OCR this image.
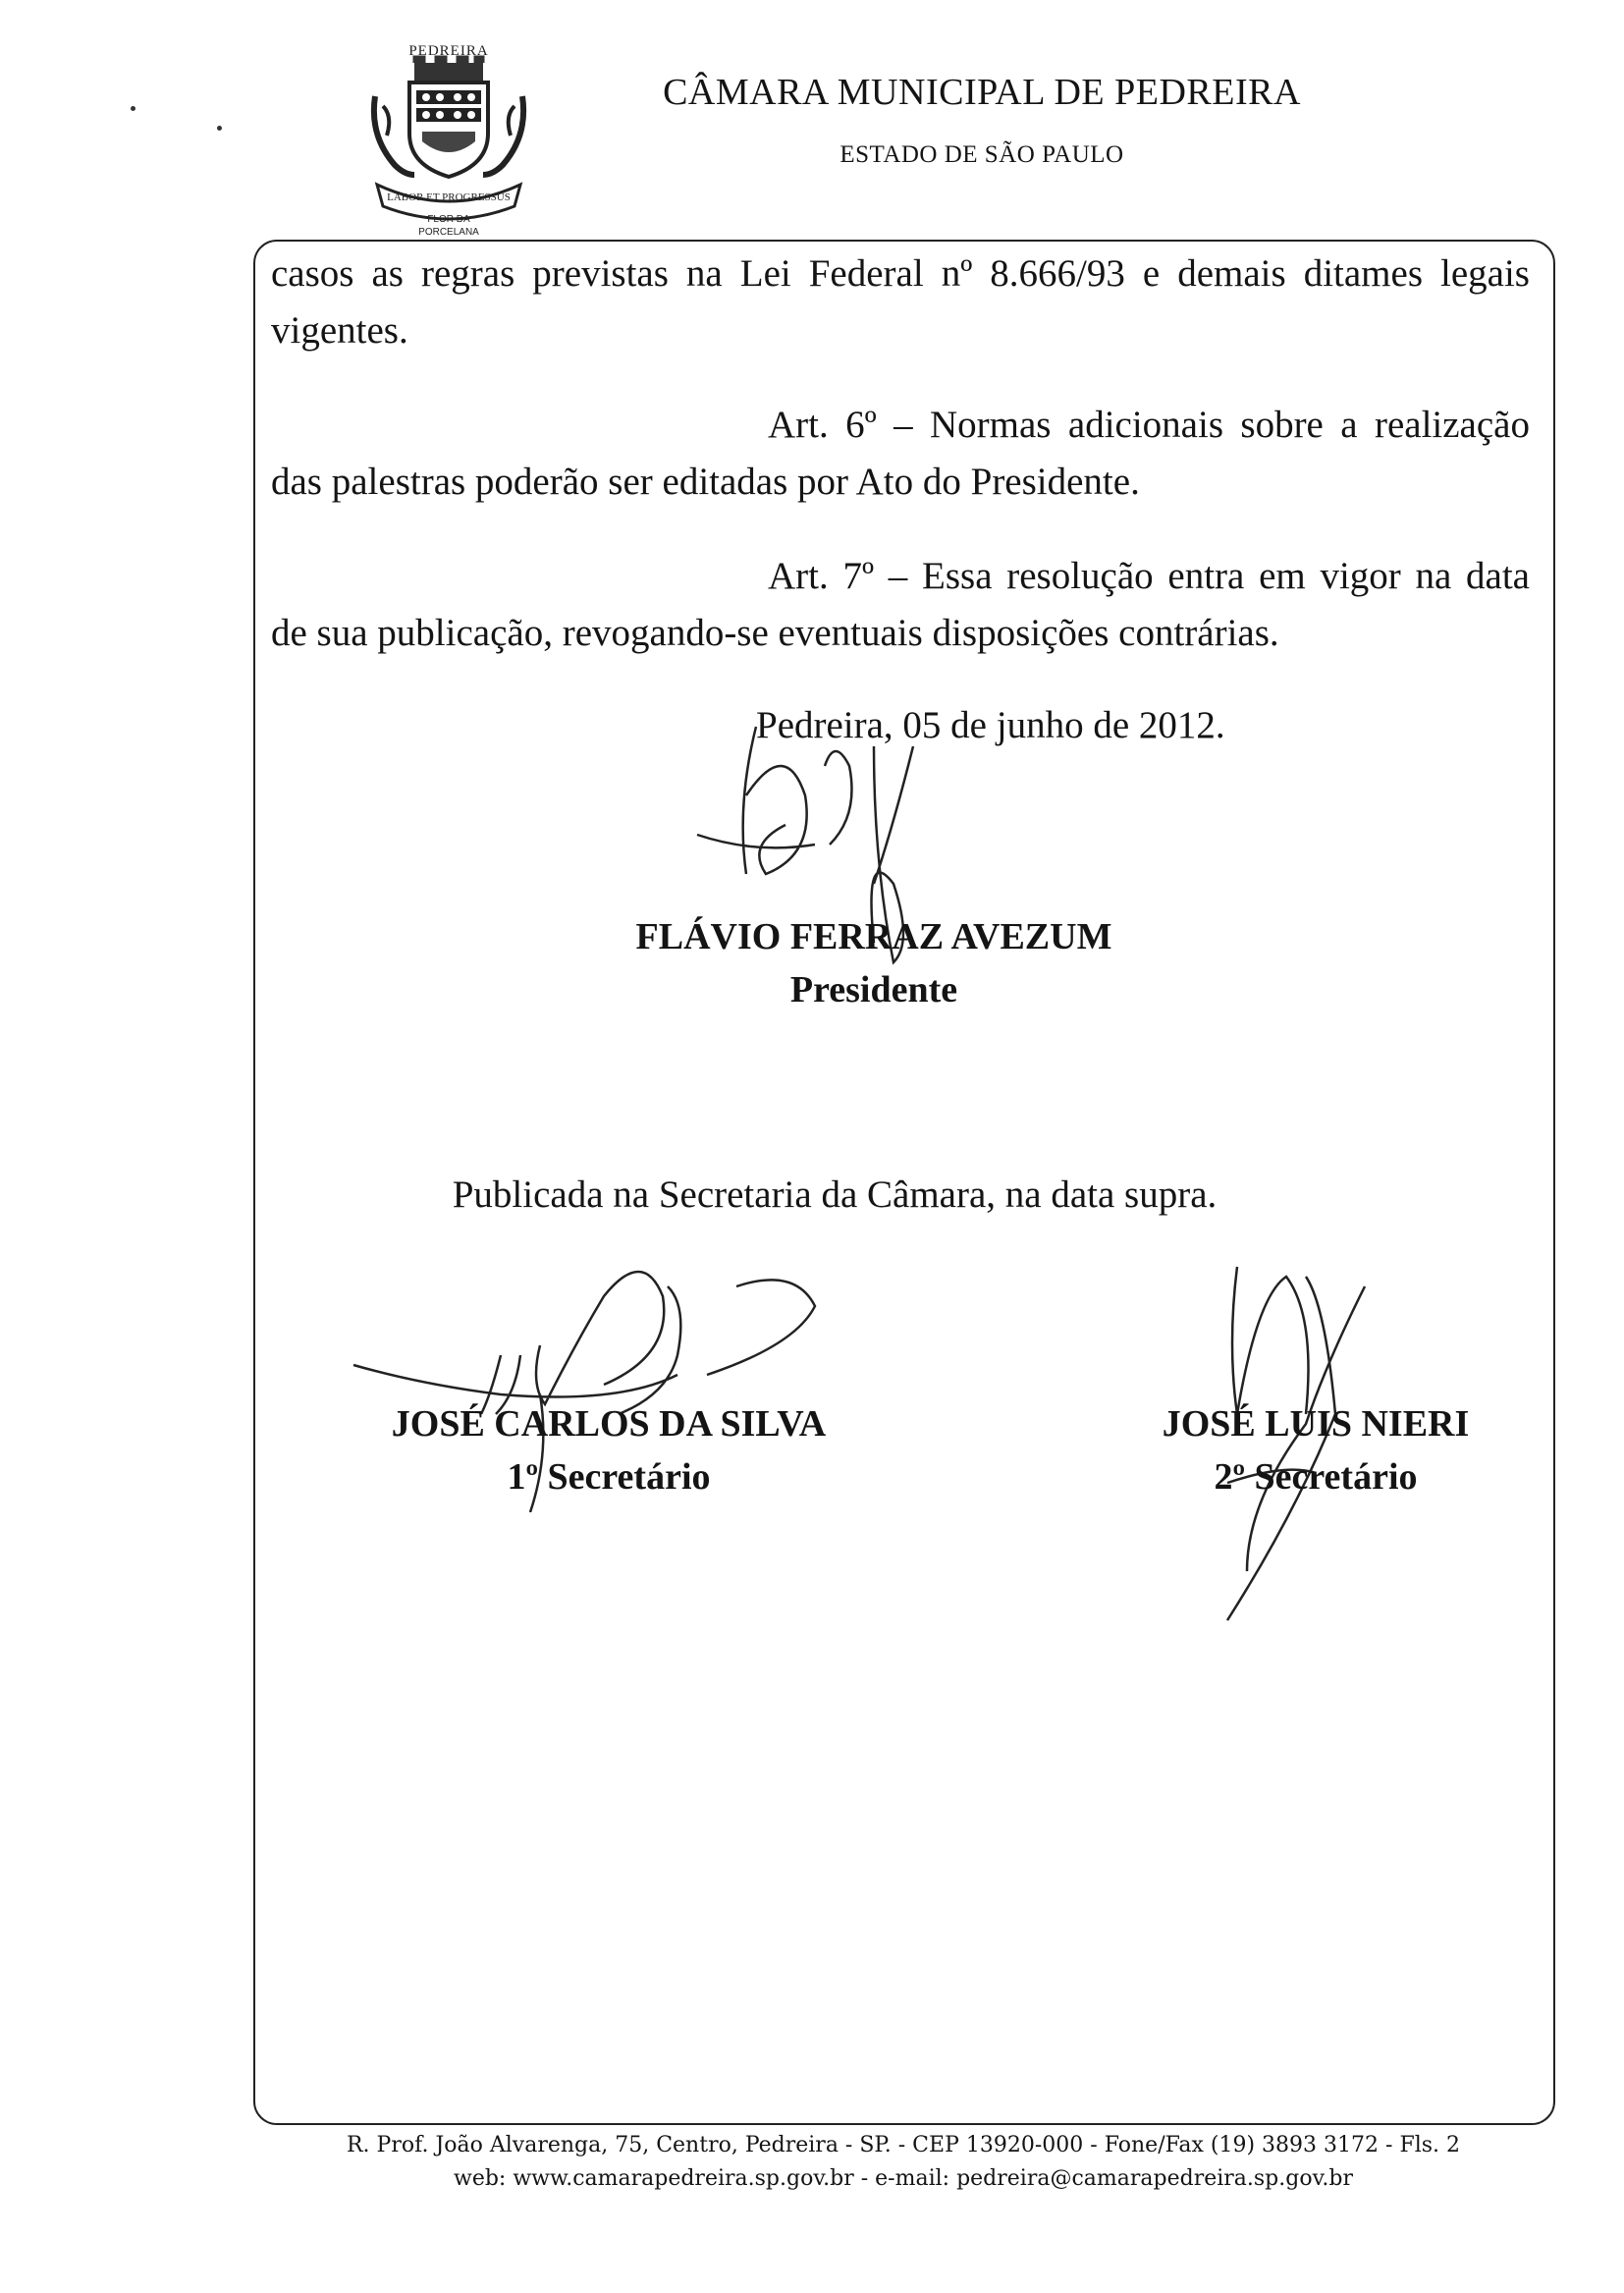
PEDREIRA
LABOR ET PROGRESSUS
FLOR DA
PORCELANA
CÂMARA MUNICIPAL DE PEDREIRA
ESTADO DE SÃO PAULO
casos as regras previstas na Lei Federal nº 8.666/93 e demais ditames legais vigentes.
Art. 6º – Normas adicionais sobre a realização das palestras poderão ser editadas por Ato do Presidente.
Art. 7º – Essa resolução entra em vigor na data de sua publicação, revogando-se eventuais disposições contrárias.
Pedreira, 05 de junho de 2012.
FLÁVIO FERRAZ AVEZUM
Presidente
Publicada na Secretaria da Câmara, na data supra.
JOSÉ CARLOS DA SILVA
1º Secretário
JOSÉ LUIS NIERI
2º Secretário
R. Prof. João Alvarenga, 75, Centro, Pedreira - SP. - CEP 13920-000 - Fone/Fax (19) 3893 3172 - Fls. 2
web: www.camarapedreira.sp.gov.br - e-mail: pedreira@camarapedreira.sp.gov.br
